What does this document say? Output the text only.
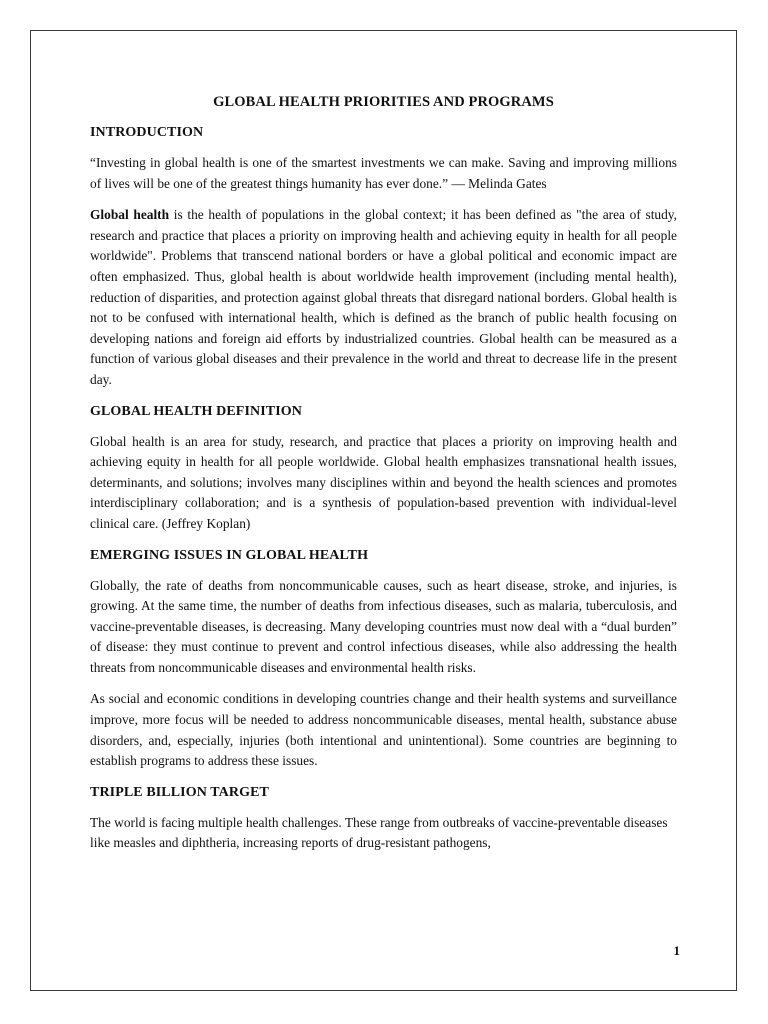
GLOBAL HEALTH PRIORITIES AND PROGRAMS
INTRODUCTION

“Investing in global health is one of the smartest investments we can make. Saving and improving millions of lives will be one of the greatest things humanity has ever done.” — Melinda Gates

Global health is the health of populations in the global context; it has been defined as "the area of study, research and practice that places a priority on improving health and achieving equity in health for all people worldwide". Problems that transcend national borders or have a global political and economic impact are often emphasized. Thus, global health is about worldwide health improvement (including mental health), reduction of disparities, and protection against global threats that disregard national borders. Global health is not to be confused with international health, which is defined as the branch of public health focusing on developing nations and foreign aid efforts by industrialized countries. Global health can be measured as a function of various global diseases and their prevalence in the world and threat to decrease life in the present day.

GLOBAL HEALTH DEFINITION

Global health is an area for study, research, and practice that places a priority on improving health and achieving equity in health for all people worldwide. Global health emphasizes transnational health issues, determinants, and solutions; involves many disciplines within and beyond the health sciences and promotes interdisciplinary collaboration; and is a synthesis of population-based prevention with individual-level clinical care. (Jeffrey Koplan)

EMERGING ISSUES IN GLOBAL HEALTH

Globally, the rate of deaths from noncommunicable causes, such as heart disease, stroke, and injuries, is growing. At the same time, the number of deaths from infectious diseases, such as malaria, tuberculosis, and vaccine-preventable diseases, is decreasing. Many developing countries must now deal with a “dual burden” of disease: they must continue to prevent and control infectious diseases, while also addressing the health threats from noncommunicable diseases and environmental health risks.

As social and economic conditions in developing countries change and their health systems and surveillance improve, more focus will be needed to address noncommunicable diseases, mental health, substance abuse disorders, and, especially, injuries (both intentional and unintentional). Some countries are beginning to establish programs to address these issues.

TRIPLE BILLION TARGET

The world is facing multiple health challenges. These range from outbreaks of vaccine-preventable diseases like measles and diphtheria, increasing reports of drug-resistant pathogens,

1
